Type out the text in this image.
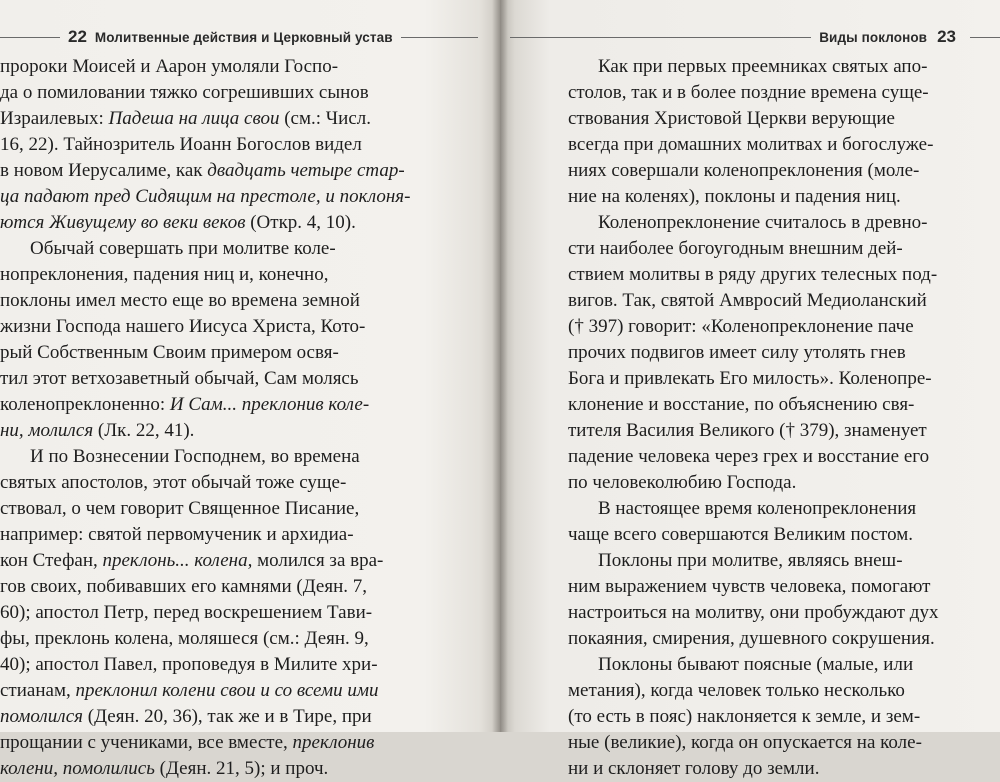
22 Молитвенные действия и Церковный устав	Виды поклонов 23
пророки Моисей и Аарон умоляли Госпо-
да о помиловании тяжко согрешивших сынов
Израилевых: Падеша на лица свои (см.: Числ.
16, 22). Тайнозритель Иоанн Богослов видел
в новом Иерусалиме, как двадцать четыре стар-
ца падают пред Сидящим на престоле, и поклоня-
ются Живущему во веки веков (Откр. 4, 10).
Обычай совершать при молитве коле-
нопреклонения, падения ниц и, конечно,
поклоны имел место еще во времена земной
жизни Господа нашего Иисуса Христа, Кото-
рый Собственным Своим примером освя-
тил этот ветхозаветный обычай, Сам молясь
коленопреклоненно: И Сам... преклонив коле-
ни, молился (Лк. 22, 41).
И по Вознесении Господнем, во времена
святых апостолов, этот обычай тоже суще-
ствовал, о чем говорит Священное Писание,
например: святой первомученик и архидиа-
кон Стефан, преклонь... колена, молился за вра-
гов своих, побивавших его камнями (Деян. 7,
60); апостол Петр, перед воскрешением Тави-
фы, преклонь колена, моляшеся (см.: Деян. 9,
40); апостол Павел, проповедуя в Милите хри-
стианам, преклонил колени свои и со всеми ими
помолился (Деян. 20, 36), так же и в Тире, при
прощании с учениками, все вместе, преклонив
колени, помолились (Деян. 21, 5); и проч.
Как при первых преемниках святых апо-
столов, так и в более поздние времена суще-
ствования Христовой Церкви верующие
всегда при домашних молитвах и богослуже-
ниях совершали коленопреклонения (моле-
ние на коленях), поклоны и падения ниц.
Коленопреклонение считалось в древно-
сти наиболее богоугодным внешним дей-
ствием молитвы в ряду других телесных под-
вигов. Так, святой Амвросий Медиоланский
(† 397) говорит: «Коленопреклонение паче
прочих подвигов имеет силу утолять гнев
Бога и привлекать Его милость». Коленопре-
клонение и восстание, по объяснению свя-
тителя Василия Великого († 379), знаменует
падение человека через грех и восстание его
по человеколюбию Господа.
В настоящее время коленопреклонения
чаще всего совершаются Великим постом.
Поклоны при молитве, являясь внеш-
ним выражением чувств человека, помогают
настроиться на молитву, они пробуждают дух
покаяния, смирения, душевного сокрушения.
Поклоны бывают поясные (малые, или
метания), когда человек только несколько
(то есть в пояс) наклоняется к земле, и зем-
ные (великие), когда он опускается на коле-
ни и склоняет голову до земли.
